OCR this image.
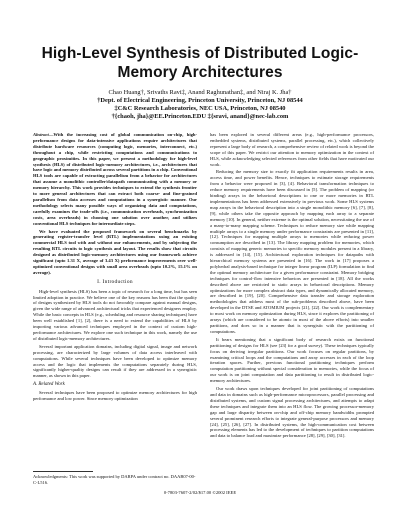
High-Level Synthesis of Distributed Logic-Memory Architectures
Chao Huang†, Srivaths Ravi‡, Anand Raghunathan‡, and Niraj K. Jha†
†Dept. of Electrical Engineering, Princeton University, Princeton, NJ 08544
‡C&C Research Laboratories, NEC USA, Princeton, NJ 08540
†{chaoh, jha}@EE.Princeton.EDU ‡{sravi, anand}@nec-lab.com

Abstract—With the increasing cost of global communication on-chip, high-performance designs for data-intensive applications require architectures that distribute hardware resources (computing logic, memories, interconnect, etc.) throughout a chip, while restricting computations and communications to geographic proximities. In this paper, we present a methodology for high-level synthesis (HLS) of distributed logic-memory architectures, i.e., architectures that have logic and memory distributed across several partitions in a chip. Conventional HLS tools are capable of extracting parallelism from a behavior for architectures that assume a monolithic controller/datapath communicating with a memory or memory hierarchy. This work provides techniques to extend the synthesis frontier to more general architectures that can extract both coarse- and fine-grained parallelism from data accesses and computations in a synergistic manner. Our methodology selects many possible ways of organizing data and computations, carefully examines the trade-offs (i.e., communication overheads, synchronization costs, area overheads) in choosing one solution over another, and utilizes conventional HLS techniques for intermediate steps.

We have evaluated the proposed framework on several benchmarks by generating register-transfer level (RTL) implementations using an existing commercial HLS tool with and without our enhancements, and by subjecting the resulting RTL circuits to logic synthesis and layout. The results show that circuits designed as distributed logic-memory architectures using our framework achieve significant (upto 1.31 X, average of 3.43 X) performance improvements over well-optimized conventional designs with small area overheads (upto 10.2%, 15.1% on average).

I. Introduction

High-level synthesis (HLS) has been a topic of research for a long time, but has seen limited adoption in practice. We believe one of the key reasons has been that the quality of designs synthesized by HLS tools do not favorably compare against manual designs, given the wide range of advanced architectural tricks that experienced designers employ. While the basic concepts in HLS (e.g., scheduling and resource sharing techniques) have been well established [1], [2], there is a need to extend the capabilities of HLS by importing various advanced techniques employed in the context of custom high-performance architectures. We explore one such technique in this work, namely the use of distributed logic-memory architectures.

Several important application domains, including digital signal, image and network processing, are characterized by large volumes of data access interleaved with computations. While several techniques have been developed to optimize memory access and the logic that implements the computations separately during HLS, significantly higher-quality designs can result if they are addressed in a synergistic manner, as shown in this paper.

A. Related Work

Several techniques have been proposed to optimize memory architectures for high performance and low power. Since memory optimization

has been explored in several different areas (e.g., high-performance processors, embedded systems, distributed systems, parallel processing, etc.), which collectively represent a large body of research, a comprehensive review of related work is beyond the scope of this paper. We restrict our attention to memory optimization in the context of HLS, while acknowledging selected references from other fields that have motivated our work.

Reducing the memory size to exactly fit application requirements results in area, access time, and power benefits. Hence, techniques to estimate storage requirements from a behavior were proposed in [3], [4]. Behavioral transformation techniques to reduce memory requirements have been discussed in [5]. The problem of mapping (or binding) arrays in the behavioral descriptions to one or more memories in RTL implementations has been addressed extensively in previous work. Some HLS systems map arrays in the behavioral description into a single monolithic memory [6], [7], [8], [9], while others take the opposite approach by mapping each array to a separate memory [10]. In general, neither extreme is the optimal solution, necessitating the use of a many-to-many mapping scheme. Techniques to reduce memory size while mapping multiple arrays to a single memory under performance constraints are presented in [11], [12]. Techniques for mapping multiple arrays to memories while reducing power consumption are described in [13]. The library mapping problem for memories, which consists of mapping generic memories to specific memory modules present in a library, is addressed in [14], [15]. Architectural exploration techniques for datapaths with hierarchical memory systems are presented in [16]. The work in [17] proposes a polyhedral analysis-based technique for integer linear program (ILP) formulation to find the optimal memory architecture for a given performance constraint. Memory bridging techniques for control-flow intensive behaviors are presented in [18]. All the works described above are restricted to static arrays in behavioral descriptions. Memory optimizations for more complex abstract data types, and dynamically allocated memory, are described in [19], [20]. Comprehensive data transfer and storage exploration methodologies that address most of the sub-problems described above, have been developed in the DTSE and ATOMIUM projects [21], [22]. Our work is complementary to most work on memory optimization during HLS, since it explores the partitioning of arrays (which are considered to be atomic in most of the above efforts) into smaller partitions, and does so in a manner that is synergistic with the partitioning of computations.

It bears mentioning that a significant body of research exists on functional partitioning of designs for HLS (see [23] for a good survey). These techniques typically focus on deriving irregular partitions. Our work focuses on regular partitions, by examining critical loops and the computations and array accesses in each of the loop iteration spaces. Further, previous functional partitioning techniques perform computation partitioning without special consideration to memories, while the focus of our work is on joint computation and data partitioning to result in distributed logic-memory architectures.

Our work draws upon techniques developed for joint partitioning of computations and data in domains such as high-performance microprocessors, parallel processing and distributed systems, and custom signal processing architectures, and attempts to adapt these techniques and integrate them into an HLS flow. The growing processor-memory gap and large disparity between on-chip and off-chip memory bandwidths prompted several prominent research efforts to integrate general-purpose processors and memory [24], [25], [26], [27]. In distributed systems, the high-communication cost between processing elements has led to the development of techniques to partition computations and data to balance load and maximize performance [28], [29], [30], [31].

Acknowledgments: This work was supported by DARPA under contract no. DAAB07-00-C-L516.
0-7803-7607-2/02/$17.00 ©2002 IEEE
